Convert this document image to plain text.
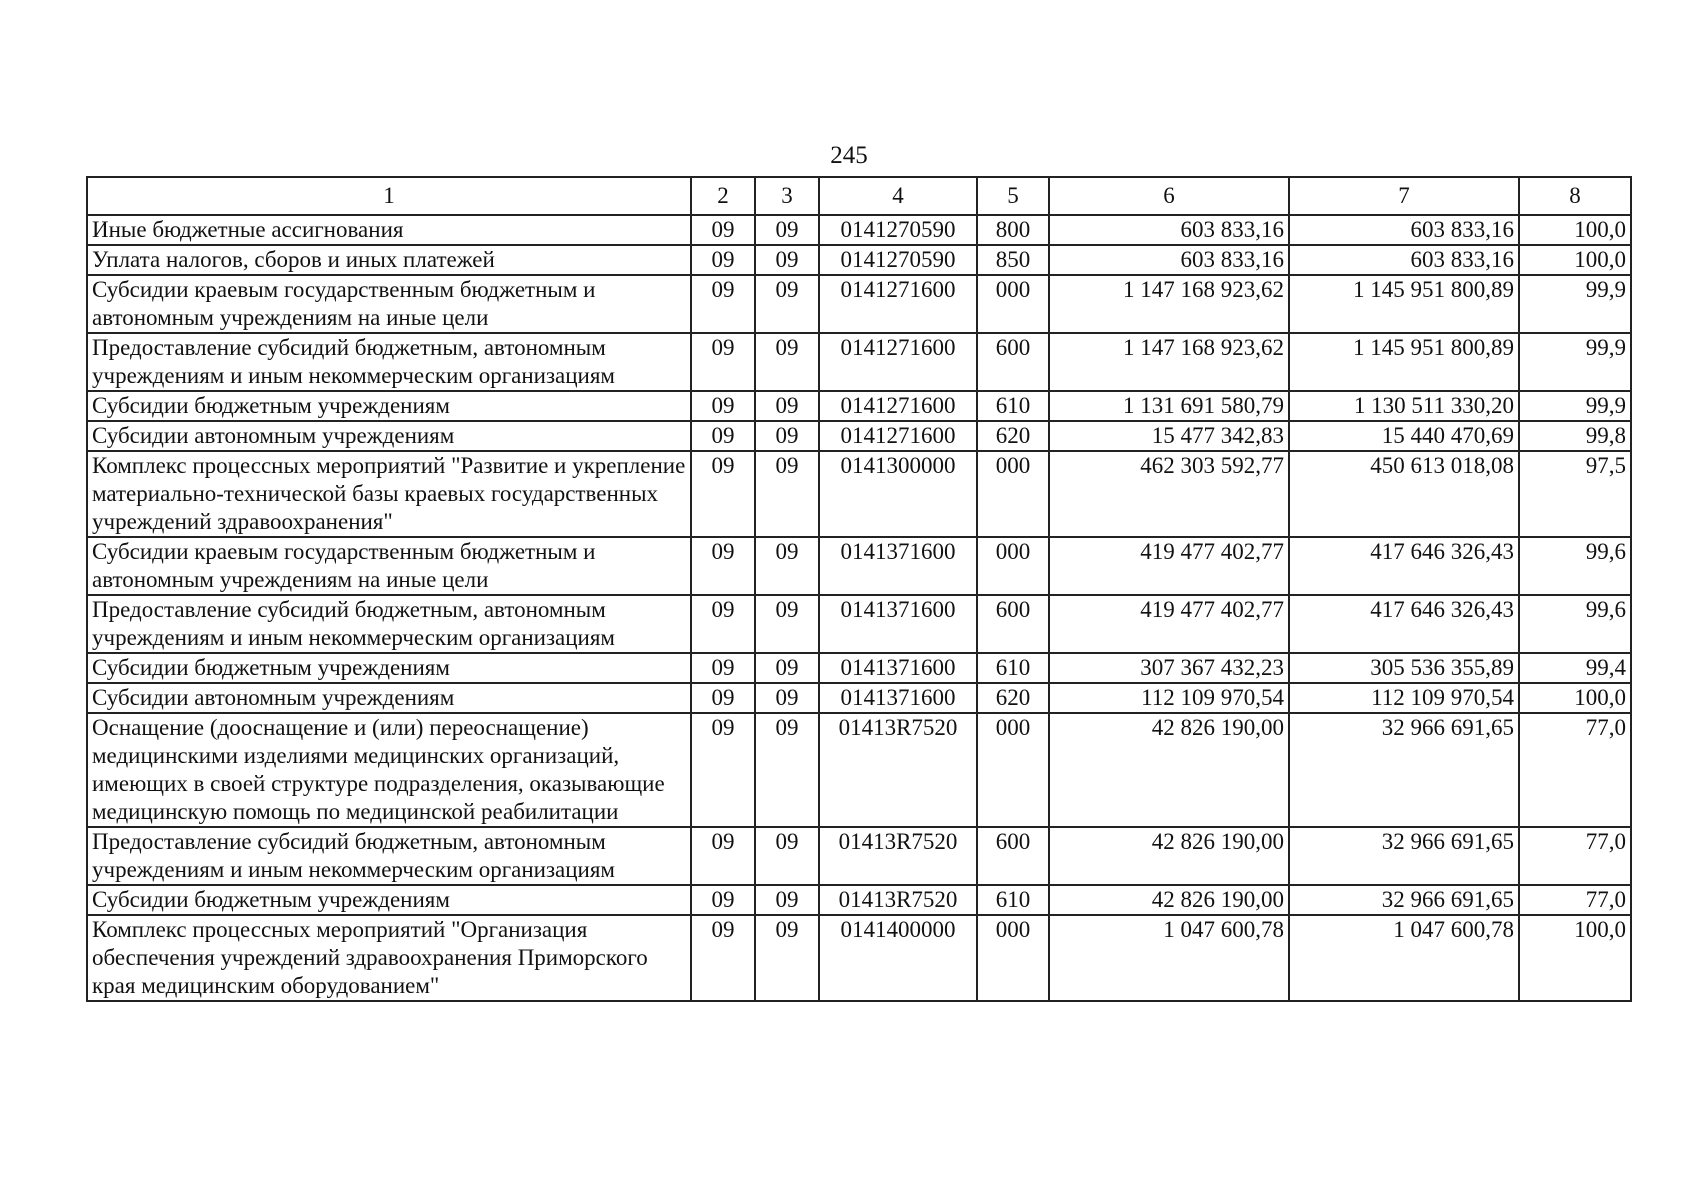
245
1	2	3	4	5	6	7	8
Иные бюджетные ассигнования	09	09	0141270590	800	603 833,16	603 833,16	100,0
Уплата налогов, сборов и иных платежей	09	09	0141270590	850	603 833,16	603 833,16	100,0
Субсидии краевым государственным бюджетным и автономным учреждениям на иные цели	09	09	0141271600	000	1 147 168 923,62	1 145 951 800,89	99,9
Предоставление субсидий бюджетным, автономным учреждениям и иным некоммерческим организациям	09	09	0141271600	600	1 147 168 923,62	1 145 951 800,89	99,9
Субсидии бюджетным учреждениям	09	09	0141271600	610	1 131 691 580,79	1 130 511 330,20	99,9
Субсидии автономным учреждениям	09	09	0141271600	620	15 477 342,83	15 440 470,69	99,8
Комплекс процессных мероприятий "Развитие и укрепление материально-технической базы краевых государственных учреждений здравоохранения"	09	09	0141300000	000	462 303 592,77	450 613 018,08	97,5
Субсидии краевым государственным бюджетным и автономным учреждениям на иные цели	09	09	0141371600	000	419 477 402,77	417 646 326,43	99,6
Предоставление субсидий бюджетным, автономным учреждениям и иным некоммерческим организациям	09	09	0141371600	600	419 477 402,77	417 646 326,43	99,6
Субсидии бюджетным учреждениям	09	09	0141371600	610	307 367 432,23	305 536 355,89	99,4
Субсидии автономным учреждениям	09	09	0141371600	620	112 109 970,54	112 109 970,54	100,0
Оснащение (дооснащение и (или) переоснащение) медицинскими изделиями медицинских организаций, имеющих в своей структуре подразделения, оказывающие медицинскую помощь по медицинской реабилитации	09	09	01413R7520	000	42 826 190,00	32 966 691,65	77,0
Предоставление субсидий бюджетным, автономным учреждениям и иным некоммерческим организациям	09	09	01413R7520	600	42 826 190,00	32 966 691,65	77,0
Субсидии бюджетным учреждениям	09	09	01413R7520	610	42 826 190,00	32 966 691,65	77,0
Комплекс процессных мероприятий "Организация обеспечения учреждений здравоохранения Приморского края медицинским оборудованием"	09	09	0141400000	000	1 047 600,78	1 047 600,78	100,0
